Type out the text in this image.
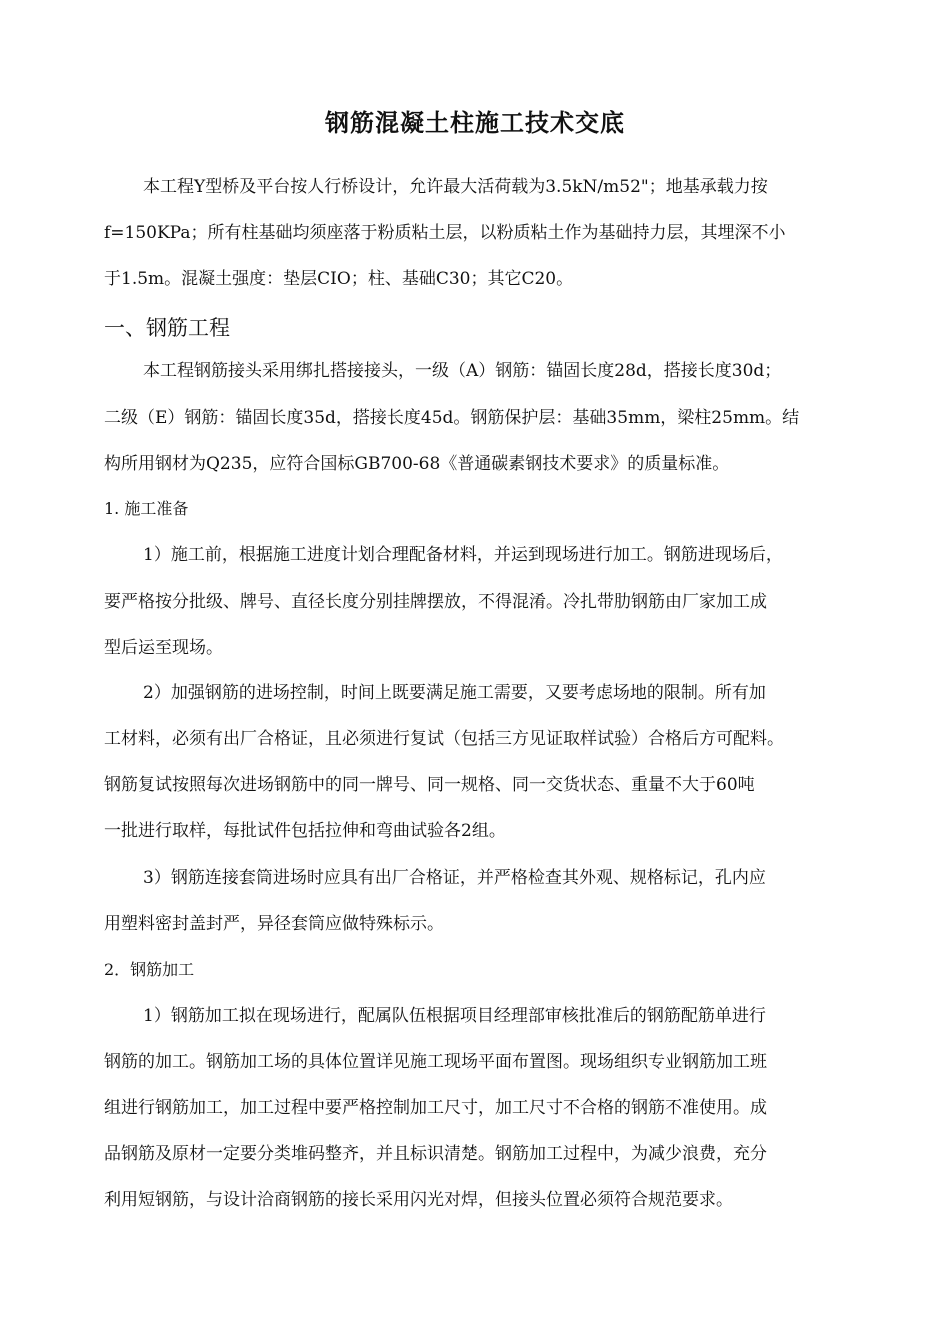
钢筋混凝土柱施工技术交底
本工程Y型桥及平台按人行桥设计，允许最大活荷载为3.5kN/m52"；地基承载力按
f=150KPa；所有柱基础均须座落于粉质粘土层，以粉质粘土作为基础持力层，其埋深不小
于1.5m。混凝土强度：垫层CIO；柱、基础C30；其它C20。
一、钢筋工程
本工程钢筋接头采用绑扎搭接接头，一级（A）钢筋：锚固长度28d，搭接长度30d；
二级（E）钢筋：锚固长度35d，搭接长度45d。钢筋保护层：基础35mm，梁柱25mm。结
构所用钢材为Q235，应符合国标GB700-68《普通碳素钢技术要求》的质量标准。
1. 施工准备
1）施工前，根据施工进度计划合理配备材料，并运到现场进行加工。钢筋进现场后，
要严格按分批级、牌号、直径长度分别挂牌摆放，不得混淆。冷扎带肋钢筋由厂家加工成
型后运至现场。
2）加强钢筋的进场控制，时间上既要满足施工需要，又要考虑场地的限制。所有加
工材料，必须有出厂合格证，且必须进行复试（包括三方见证取样试验）合格后方可配料。
钢筋复试按照每次进场钢筋中的同一牌号、同一规格、同一交货状态、重量不大于60吨
一批进行取样，每批试件包括拉伸和弯曲试验各2组。
3）钢筋连接套筒进场时应具有出厂合格证，并严格检查其外观、规格标记，孔内应
用塑料密封盖封严，异径套筒应做特殊标示。
2．钢筋加工
1）钢筋加工拟在现场进行，配属队伍根据项目经理部审核批准后的钢筋配筋单进行
钢筋的加工。钢筋加工场的具体位置详见施工现场平面布置图。现场组织专业钢筋加工班
组进行钢筋加工，加工过程中要严格控制加工尺寸，加工尺寸不合格的钢筋不准使用。成
品钢筋及原材一定要分类堆码整齐，并且标识清楚。钢筋加工过程中，为减少浪费，充分
利用短钢筋，与设计洽商钢筋的接长采用闪光对焊，但接头位置必须符合规范要求。
